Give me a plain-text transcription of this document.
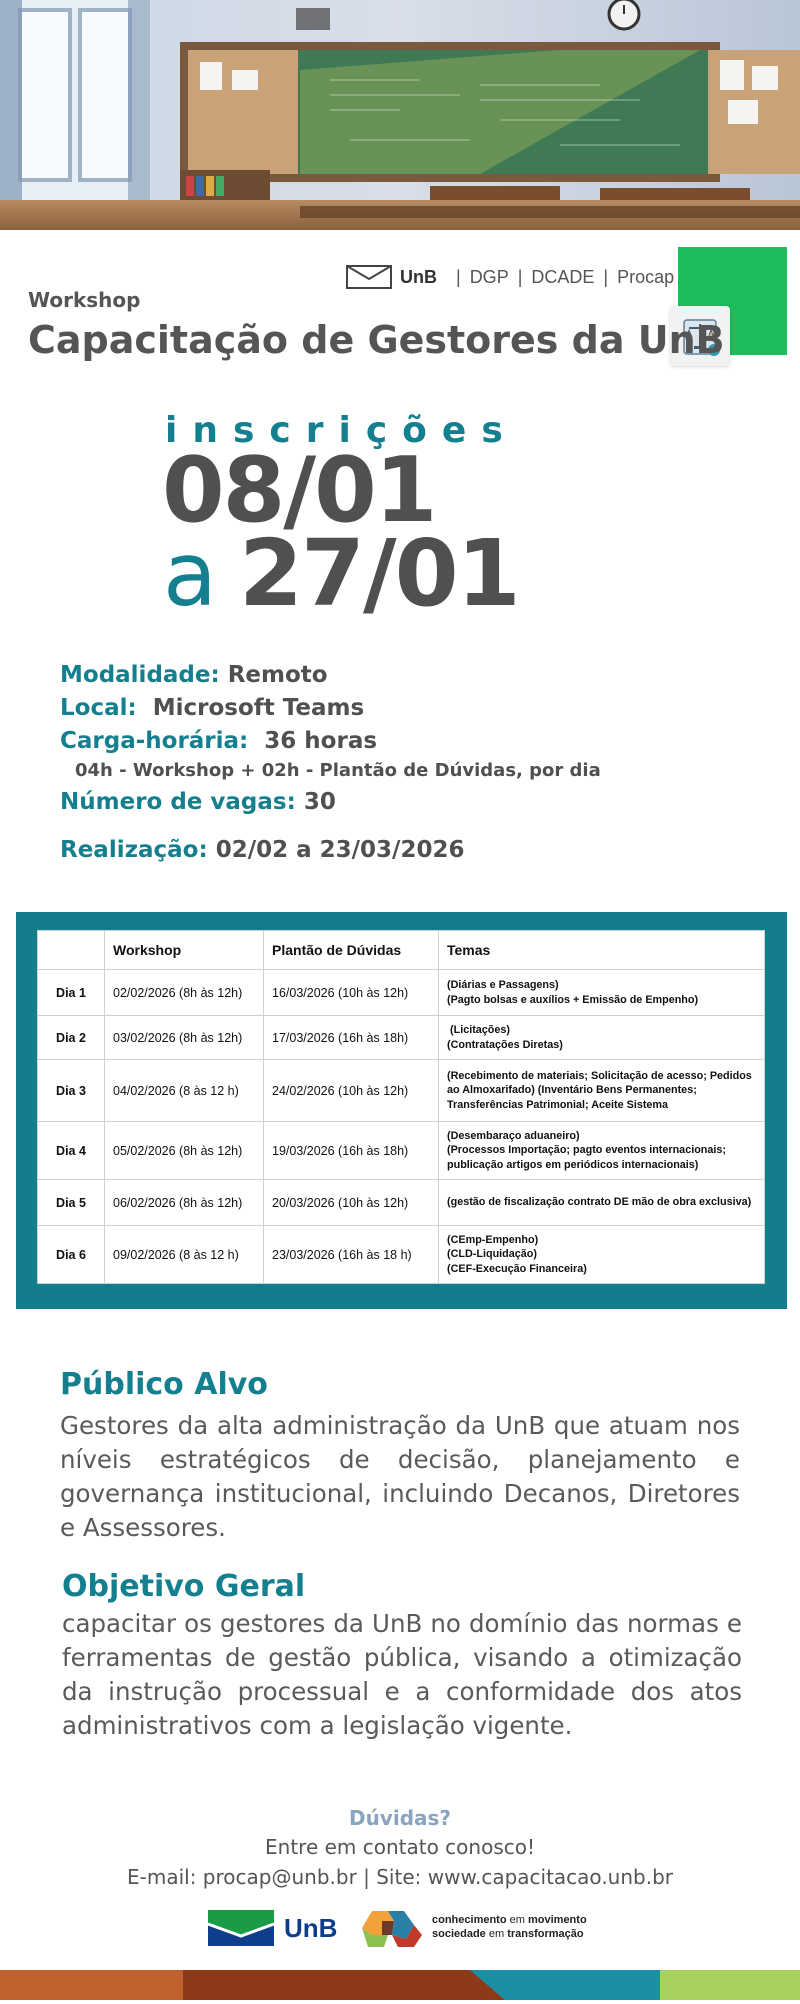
UnB | DGP | DCADE | Procap
Workshop
Capacitação de Gestores da UnB
inscrições
08/01
a 27/01
Modalidade: Remoto
Local: Microsoft Teams
Carga-horária: 36 horas
04h - Workshop + 02h - Plantão de Dúvidas, por dia
Número de vagas: 30
Realização: 02/02 a 23/03/2026
	Workshop	Plantão de Dúvidas	Temas
Dia 1	02/02/2026 (8h às 12h)	16/03/2026 (10h às 12h)	(Diárias e Passagens)
(Pagto bolsas e auxílios + Emissão de Empenho)

Dia 2	03/02/2026 (8h às 12h)	17/03/2026 (16h às 18h)	(Licitações)
(Contratações Diretas)

Dia 3	04/02/2026 (8 às 12 h)	24/02/2026 (10h às 12h)	(Recebimento de materiais; Solicitação de acesso; Pedidos ao Almoxarifado) (Inventário Bens Permanentes; Transferências Patrimonial; Aceite Sistema

Dia 4	05/02/2026 (8h às 12h)	19/03/2026 (16h às 18h)	(Desembaraço aduaneiro)
(Processos Importação; pagto eventos internacionais; publicação artigos em periódicos internacionais)

Dia 5	06/02/2026 (8h às 12h)	20/03/2026 (10h às 12h)	(gestão de fiscalização contrato DE mão de obra exclusiva)

Dia 6	09/02/2026 (8 às 12 h)	23/03/2026 (16h às 18 h)	(CEmp-Empenho)
(CLD-Liquidação)
(CEF-Execução Financeira)
Público Alvo
Gestores da alta administração da UnB que atuam nos níveis estratégicos de decisão, planejamento e governança institucional, incluindo Decanos, Diretores e Assessores.
Objetivo Geral
capacitar os gestores da UnB no domínio das normas e ferramentas de gestão pública, visando a otimização da instrução processual e a conformidade dos atos administrativos com a legislação vigente.
Dúvidas?
Entre em contato conosco!
E-mail: procap@unb.br | Site: www.capacitacao.unb.br
UnB	conhecimento em movimento
sociedade em transformação
